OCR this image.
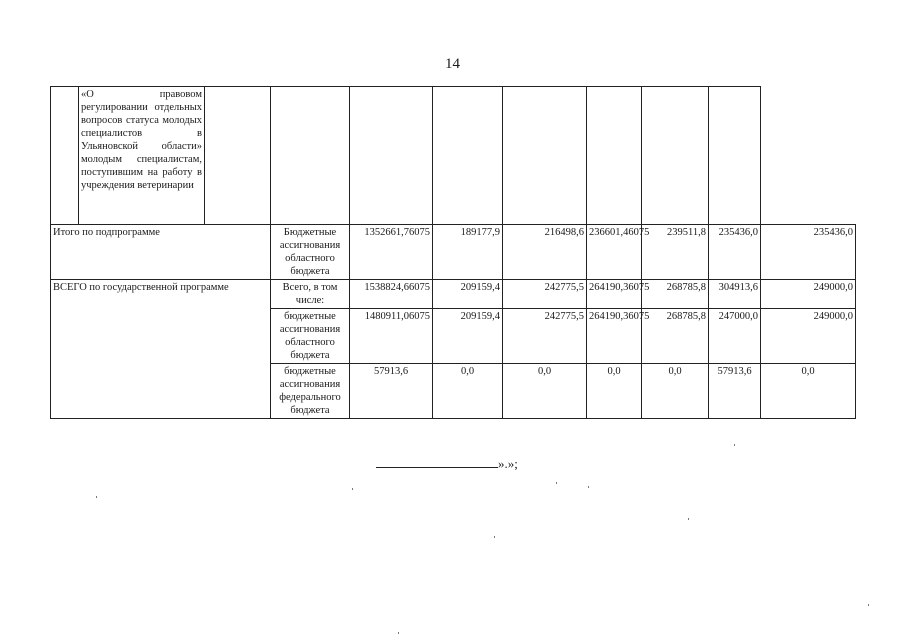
14
	«О правовом регулировании отдельных вопросов статуса молодых специалистов в Ульяновской области» молодым специалистам, поступившим на работу в учреждения ветеринарии									
Итого по подпрограмме			Бюджетные ассигнования областного бюджета	1352661,76075	189177,9	216498,6	236601,46075	239511,8	235436,0	235436,0
ВСЕГО по государственной программе			Всего, в том числе:	1538824,66075	209159,4	242775,5	264190,36075	268785,8	304913,6	249000,0
			бюджетные ассигнования областного бюджета	1480911,06075	209159,4	242775,5	264190,36075	268785,8	247000,0	249000,0
			бюджетные ассигнования федерального бюджета	57913,6	0,0	0,0	0,0	0,0	57913,6	0,0
».»;
